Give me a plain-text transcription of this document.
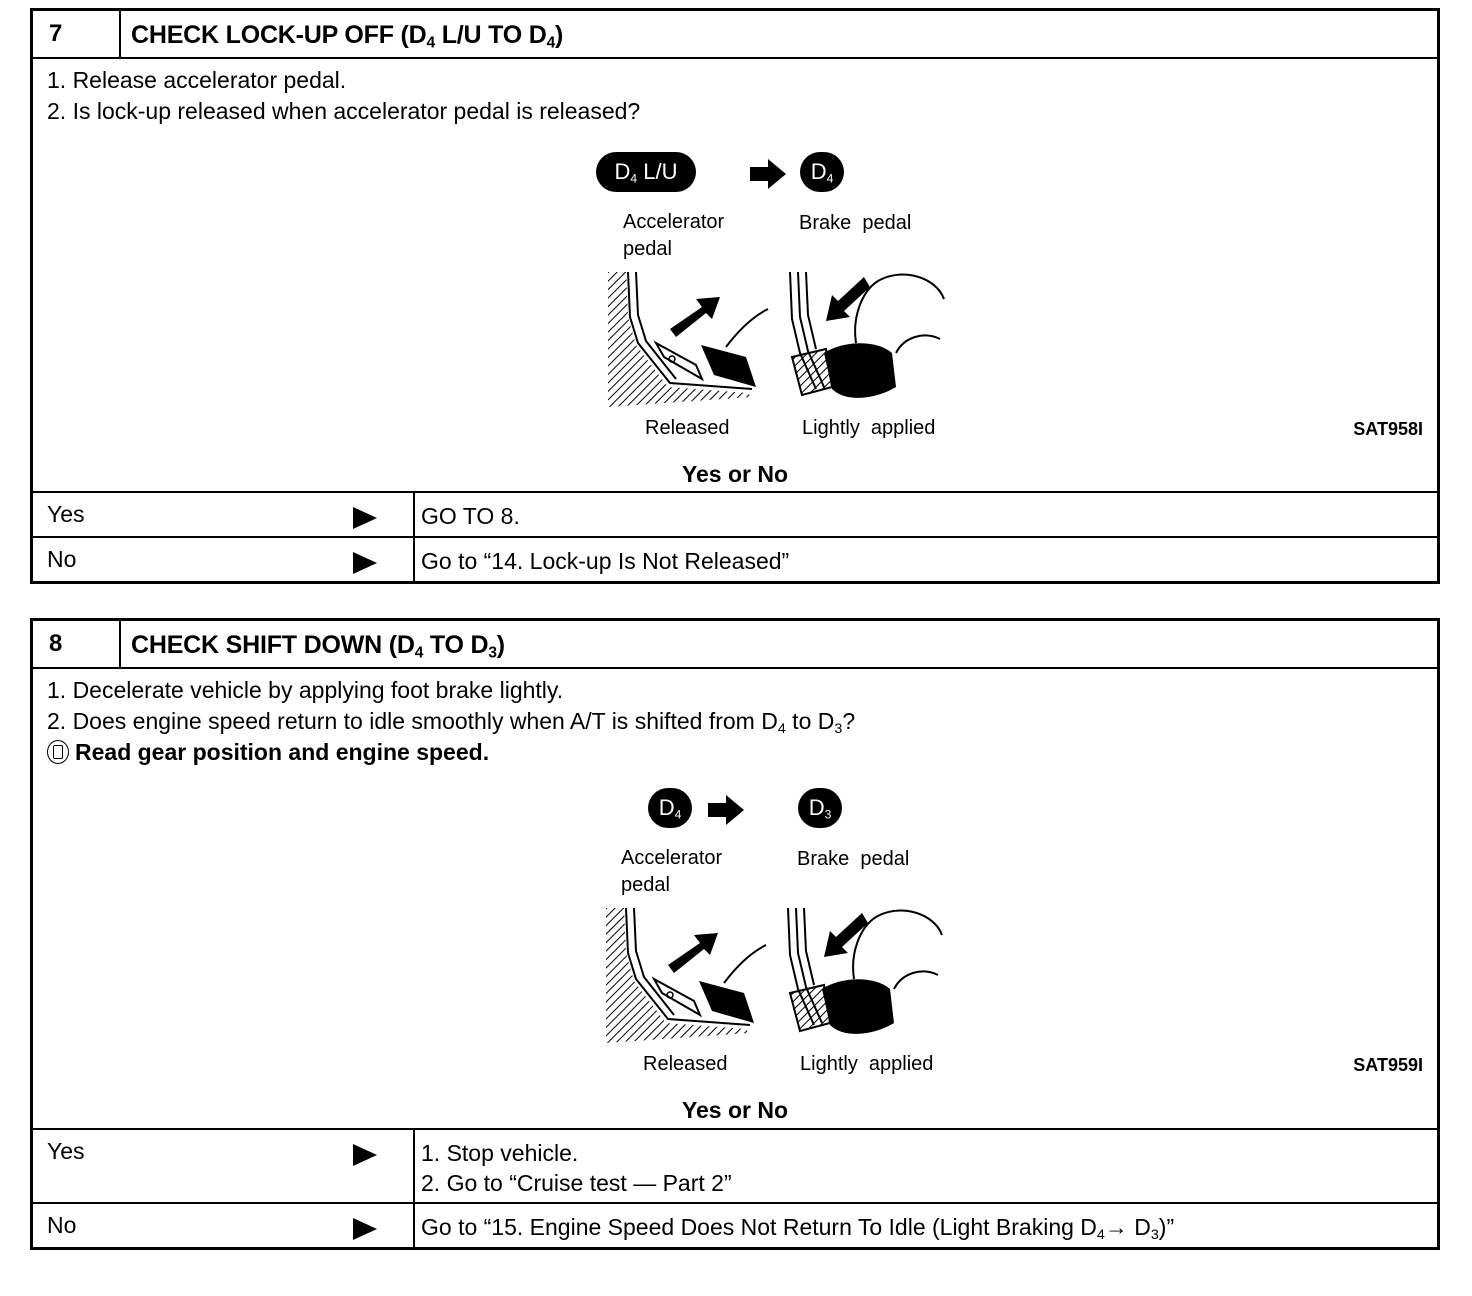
7	CHECK LOCK-UP OFF ($D_4$ L/U TO $D_4$)
1. Release accelerator pedal.
2. Is lock-up released when accelerator pedal is released?
$D_4$ L/U	$D_4$
Accelerator
pedal
Brake  pedal
Released	Lightly  applied	SAT958I
Yes or No
Yes	GO TO 8.
No	Go to “14. Lock-up Is Not Released”
8	CHECK SHIFT DOWN ($D_4$ TO $D_3$)
1. Decelerate vehicle by applying foot brake lightly.
2. Does engine speed return to idle smoothly when A/T is shifted from $D_4$ to $D_3$?
Read gear position and engine speed.
$D_4$	$D_3$
Accelerator
pedal
Brake  pedal
Released	Lightly  applied	SAT959I
Yes or No
Yes	1. Stop vehicle.
2. Go to “Cruise test — Part 2”
No	Go to “15. Engine Speed Does Not Return To Idle (Light Braking $D_4\to D_3$)”
